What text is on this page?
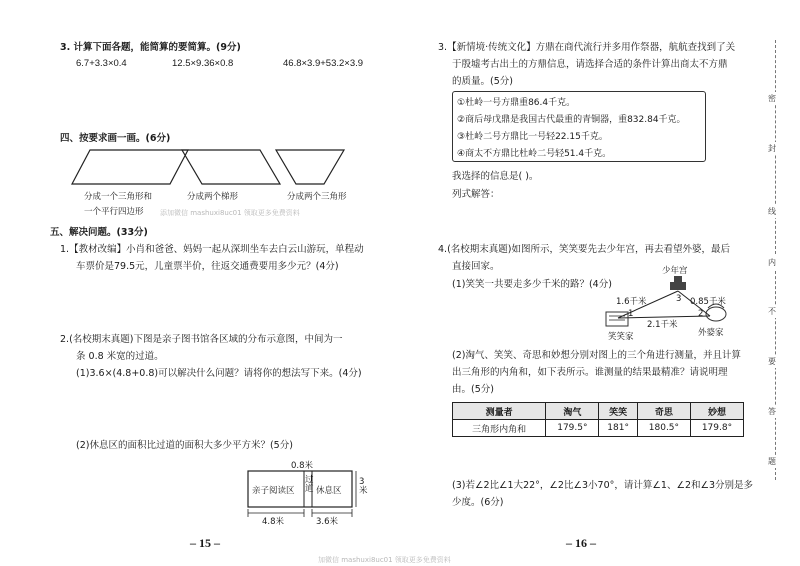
3. 计算下面各题，能简算的要简算。(9分)
6.7+3.3×0.4	12.5×9.36×0.8	46.8×3.9+53.2×3.9
四、按要求画一画。(6分)
分成一个三角形和
一个平行四边形
分成两个梯形	分成两个三角形
添加微信 mashuxi8uc01 领取更多免费资料
五、解决问题。(33分)
1.【教材改编】小肖和爸爸、妈妈一起从深圳坐车去白云山游玩，单程动
车票价是79.5元，儿童票半价，往返交通费要用多少元？(4分)
2.(名校期末真题)下图是亲子图书馆各区域的分布示意图，中间为一
条 0.8 米宽的过道。
(1)3.6×(4.8+0.8)可以解决什么问题？请将你的想法写下来。(4分)
(2)休息区的面积比过道的面积大多少平方米？(5分)
0.8米
亲子阅读区
过道 休息区
3米
4.8米	3.6米
– 15 –
3.【新情境·传统文化】方鼎在商代流行并多用作祭器，航航查找到了关
于殷墟考古出土的方鼎信息，请选择合适的条件计算出商太不方鼎
的质量。(5分)
①杜岭一号方鼎重86.4千克。
②商后母戊鼎是我国古代最重的青铜器，重832.84千克。
③杜岭二号方鼎比一号轻22.15千克。
④商太不方鼎比杜岭二号轻51.4千克。
我选择的信息是( )。
列式解答：
4.(名校期末真题)如图所示，笑笑要先去少年宫，再去看望外婆，最后
直接回家。
(1)笑笑一共要走多少千米的路？(4分)
少年宫
笑笑家	外婆家
1.6千米	0.85千米
2.1千米
1	2
3
(2)淘气、笑笑、奇思和妙想分别对图上的三个角进行测量，并且计算
出三角形的内角和，如下表所示。谁测量的结果最精准？请说明理
由。(5分)
测量者	淘气	笑笑	奇思	妙想
三角形内角和	179.5°	181°	180.5°	179.8°
(3)若∠2比∠1大22°，∠2比∠3小70°，请计算∠1、∠2和∠3分别是多
少度。(6分)
– 16 –
密
封
线
内
不
要
答
题
加微信 mashuxi8uc01 领取更多免费资料
